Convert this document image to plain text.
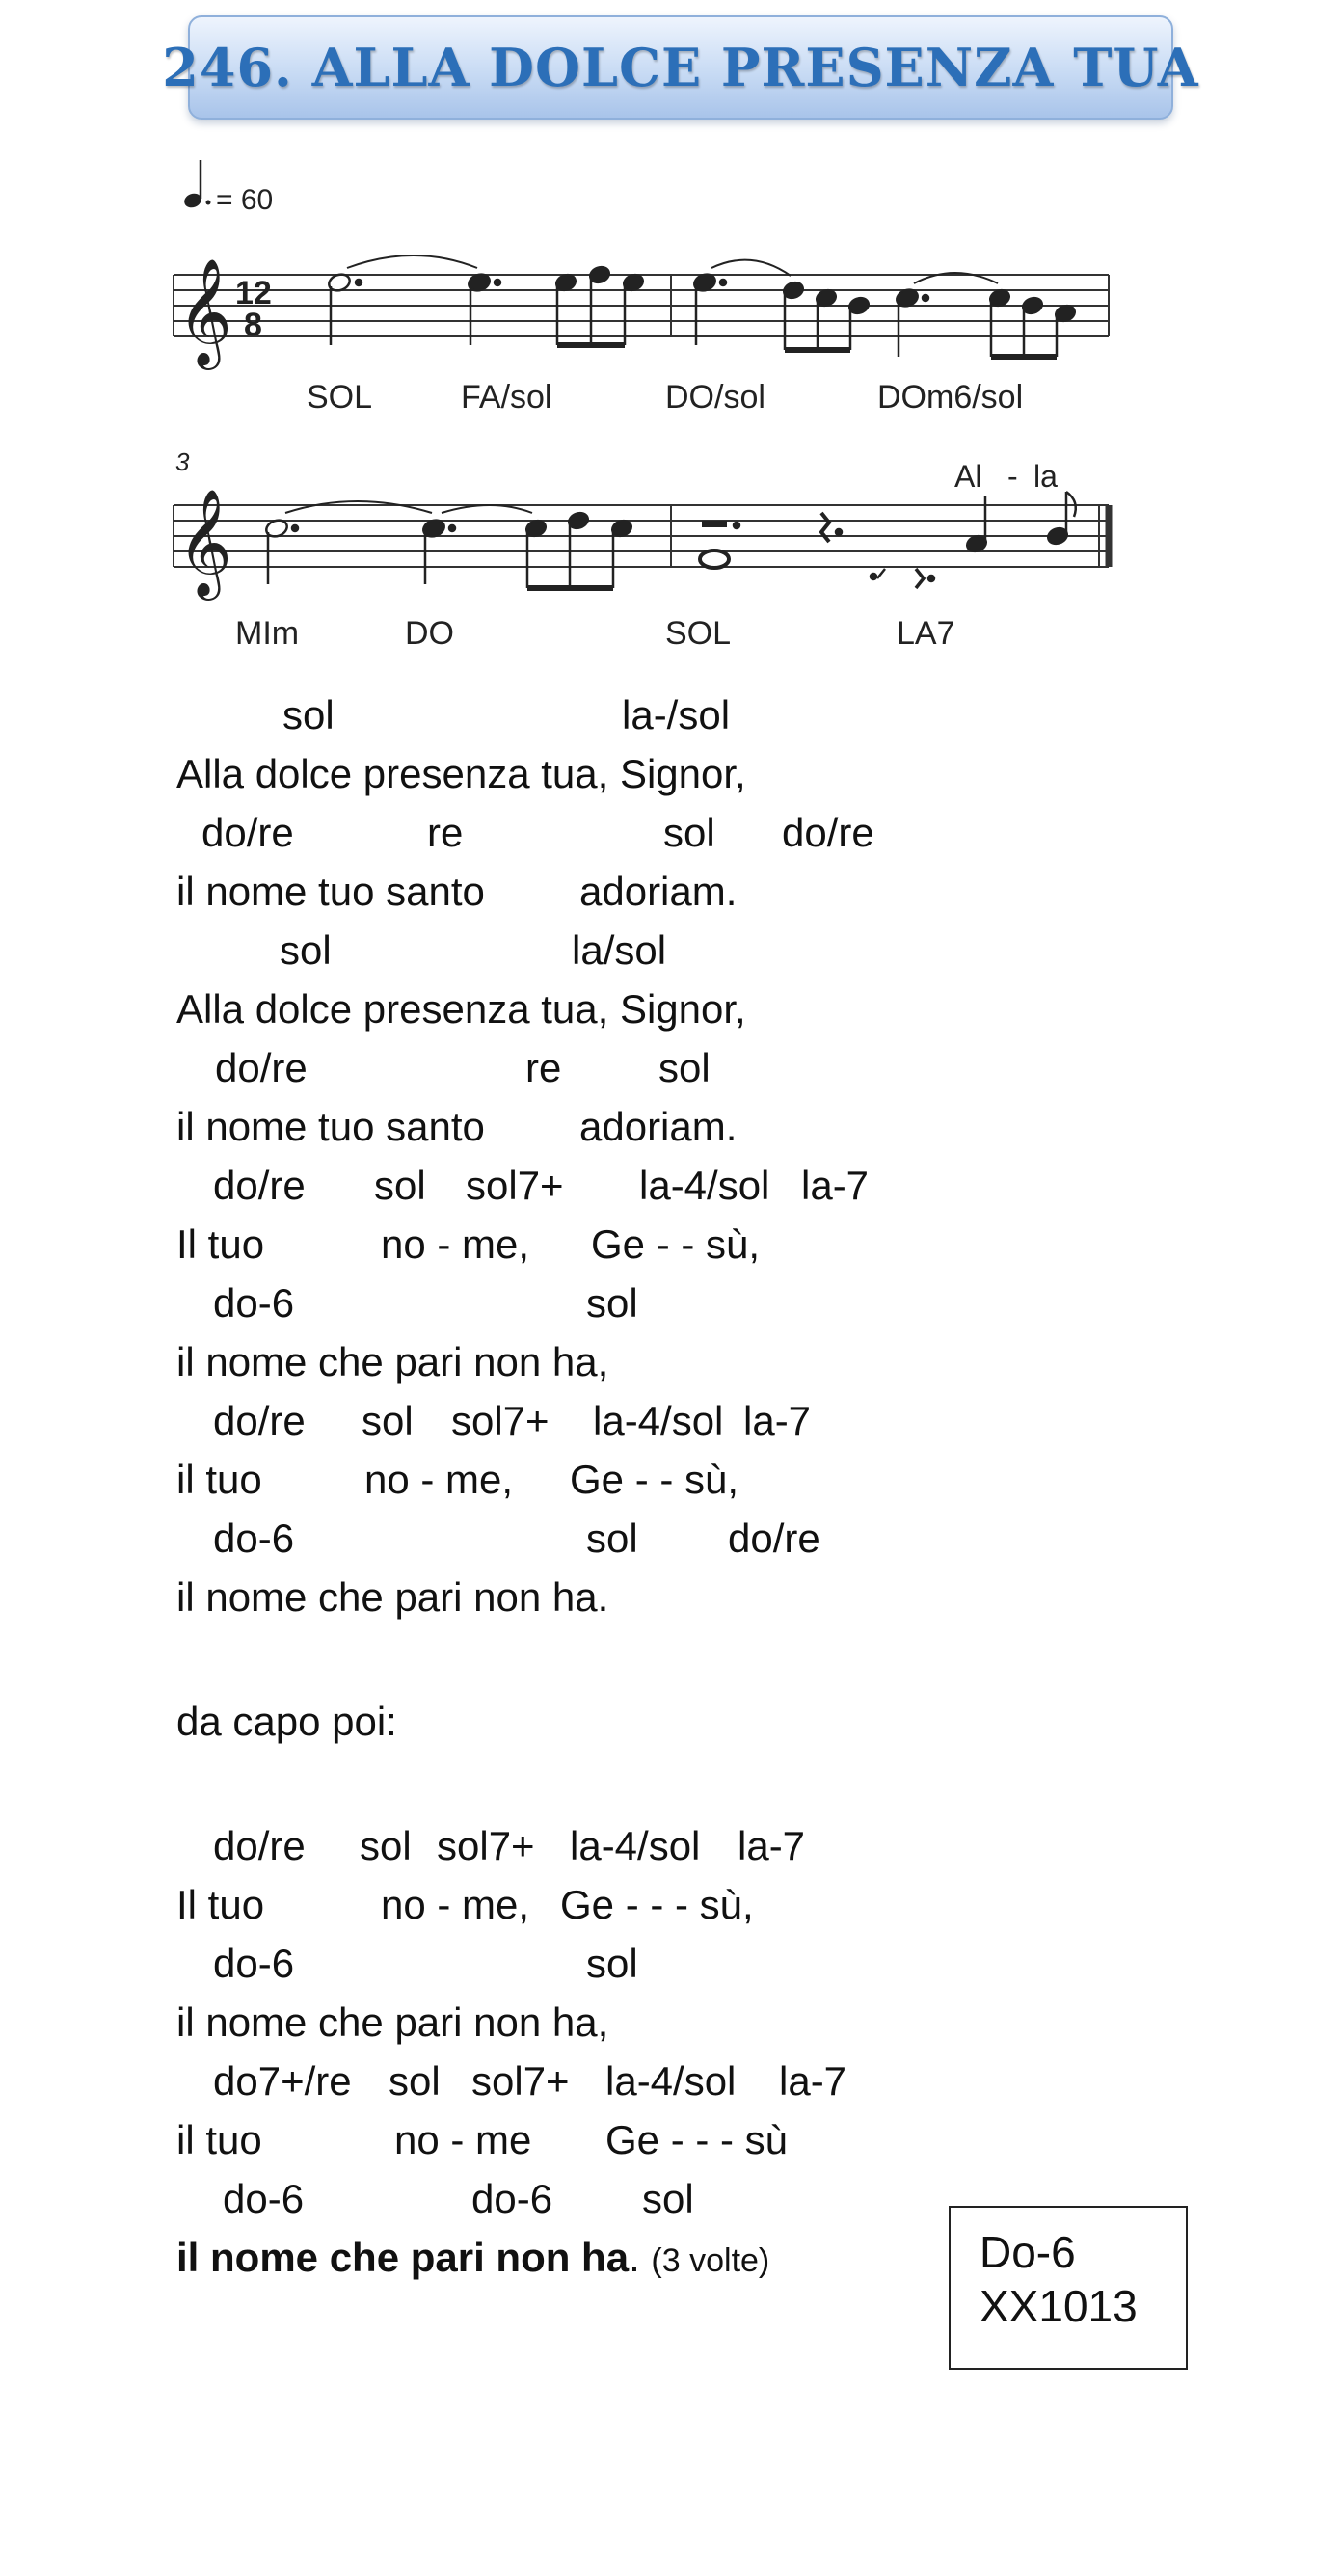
246. ALLA DOLCE PRESENZA TUA
= 60
𝄞 12
8
SOL	FA/sol	DO/sol	DOm6/sol
3	Al - la
𝄞
MIm	DO	SOL	LA7
sol	la-/sol
Alla dolce presenza tua, Signor,
do/re	re	sol do/re
il nome tuo santo adoriam.
sol	la/sol
Alla dolce presenza tua, Signor,
do/re	re sol
il nome tuo santo adoriam.
do/re sol sol7+ la-4/sol la-7
Il tuo	no - me, Ge - - sù,
do-6	sol
il nome che pari non ha,
do/re sol sol7+ la-4/sol la-7
il tuo	no - me, Ge - - sù,
do-6	sol do/re
il nome che pari non ha.
da capo poi:
do/re sol sol7+ la-4/sol la-7
Il tuo	no - me, Ge - - - sù,
do-6	sol
il nome che pari non ha,
do7+/re sol sol7+ la-4/sol la-7
il tuo	no - me Ge - - - sù
do-6	do-6 sol
il nome che pari non ha. (3 volte)	Do-6
XX1013
